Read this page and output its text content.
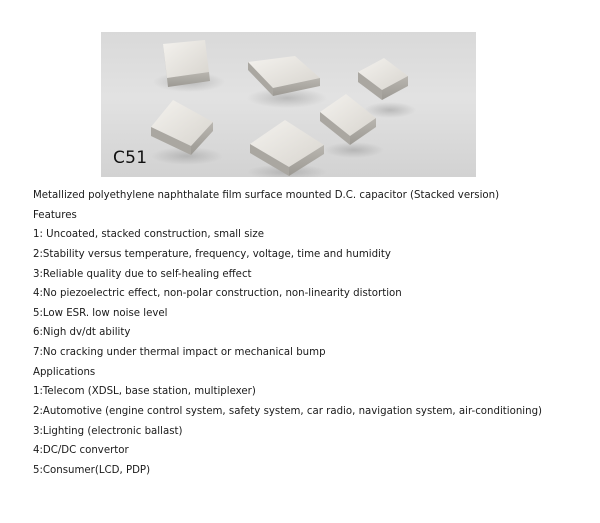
C51
Metallized polyethylene naphthalate film surface mounted D.C. capacitor (Stacked version)
Features
1: Uncoated, stacked construction, small size
2:Stability versus temperature, frequency, voltage, time and humidity
3:Reliable quality due to self-healing effect
4:No piezoelectric effect, non-polar construction, non-linearity distortion
5:Low ESR. low noise level
6:Nigh dv/dt ability
7:No cracking under thermal impact or mechanical bump
Applications
1:Telecom (XDSL, base station, multiplexer)
2:Automotive (engine control system, safety system, car radio, navigation system, air-conditioning)
3:Lighting (electronic ballast)
4:DC/DC convertor
5:Consumer(LCD, PDP)
